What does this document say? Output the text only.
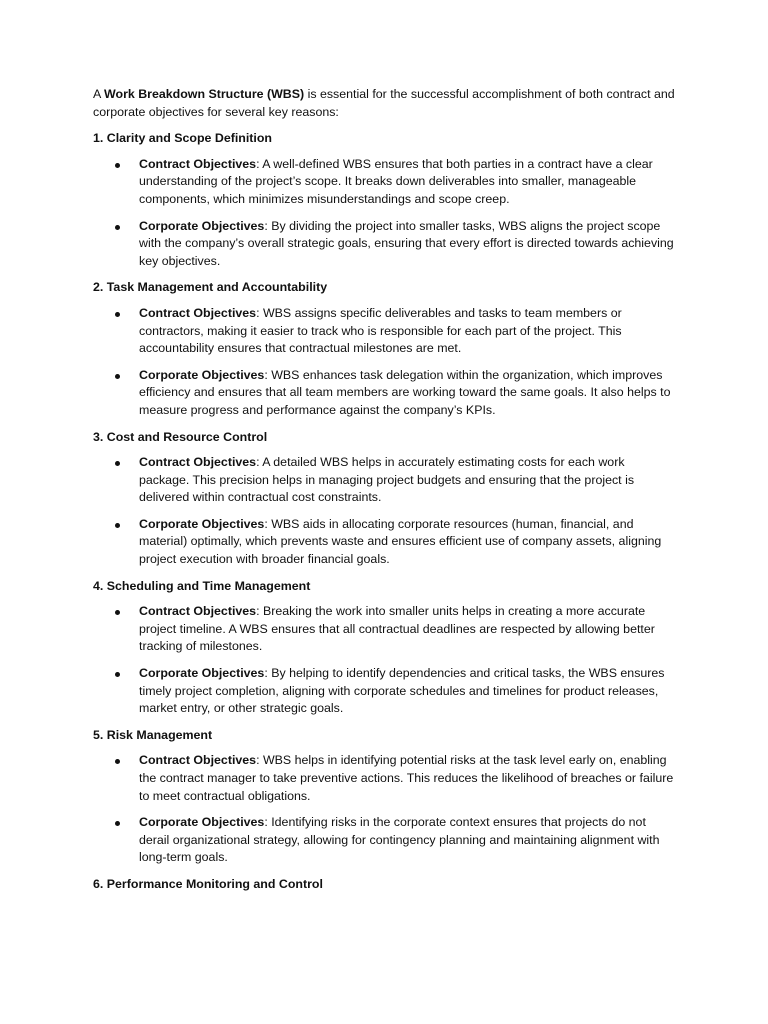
A Work Breakdown Structure (WBS) is essential for the successful accomplishment of both contract and corporate objectives for several key reasons:

1. Clarity and Scope Definition

Contract Objectives: A well-defined WBS ensures that both parties in a contract have a clear understanding of the project’s scope. It breaks down deliverables into smaller, manageable components, which minimizes misunderstandings and scope creep.
Corporate Objectives: By dividing the project into smaller tasks, WBS aligns the project scope with the company’s overall strategic goals, ensuring that every effort is directed towards achieving key objectives.

2. Task Management and Accountability

Contract Objectives: WBS assigns specific deliverables and tasks to team members or contractors, making it easier to track who is responsible for each part of the project. This accountability ensures that contractual milestones are met.
Corporate Objectives: WBS enhances task delegation within the organization, which improves efficiency and ensures that all team members are working toward the same goals. It also helps to measure progress and performance against the company’s KPIs.

3. Cost and Resource Control

Contract Objectives: A detailed WBS helps in accurately estimating costs for each work package. This precision helps in managing project budgets and ensuring that the project is delivered within contractual cost constraints.
Corporate Objectives: WBS aids in allocating corporate resources (human, financial, and material) optimally, which prevents waste and ensures efficient use of company assets, aligning project execution with broader financial goals.

4. Scheduling and Time Management

Contract Objectives: Breaking the work into smaller units helps in creating a more accurate project timeline. A WBS ensures that all contractual deadlines are respected by allowing better tracking of milestones.
Corporate Objectives: By helping to identify dependencies and critical tasks, the WBS ensures timely project completion, aligning with corporate schedules and timelines for product releases, market entry, or other strategic goals.

5. Risk Management

Contract Objectives: WBS helps in identifying potential risks at the task level early on, enabling the contract manager to take preventive actions. This reduces the likelihood of breaches or failure to meet contractual obligations.
Corporate Objectives: Identifying risks in the corporate context ensures that projects do not derail organizational strategy, allowing for contingency planning and maintaining alignment with long-term goals.

6. Performance Monitoring and Control
